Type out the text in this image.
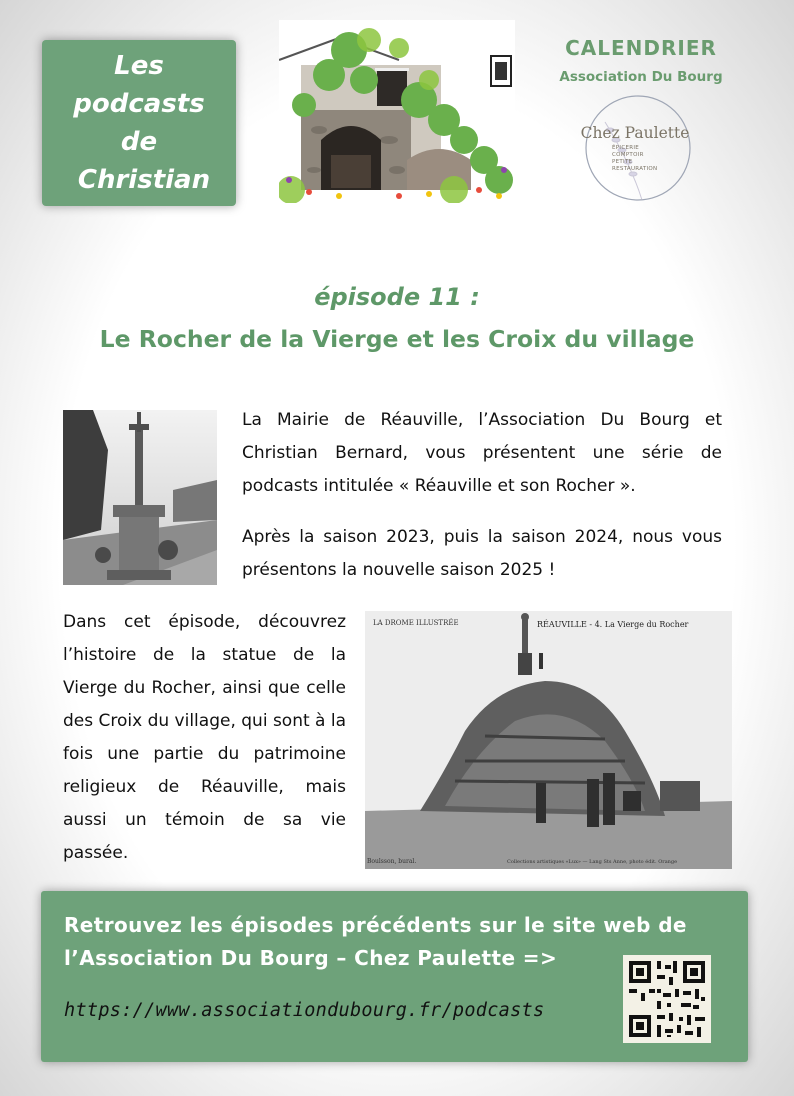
Les
podcasts
de
Christian
CALENDRIER
Association Du Bourg
Chez Paulette
ÉPICERIE
COMPTOIR
PETITE RESTAURATION
épisode 11 :
Le Rocher de la Vierge et les Croix du village
La Mairie de Réauville, l’Association Du Bourg et Christian Bernard, vous présentent une série de podcasts intitulée « Réauville et son Rocher ».
Après la saison 2023, puis la saison 2024, nous vous présentons la nouvelle saison 2025 !
Dans cet épisode, découvrez l’histoire de la statue de la Vierge du Rocher, ainsi que celle des Croix du village, qui sont à la fois une partie du patrimoine religieux de Réauville, mais aussi un témoin de sa vie passée.
LA DROME ILLUSTRÉE	RÉAUVILLE - 4. La Vierge du Rocher
Boulsson, bural.	Collections artistiques «Lux» — Lang Sts Anne, photo édit. Orange
Retrouvez les épisodes précédents sur le site web de l’Association Du Bourg – Chez Paulette =>
https://www.associationdubourg.fr/podcasts
